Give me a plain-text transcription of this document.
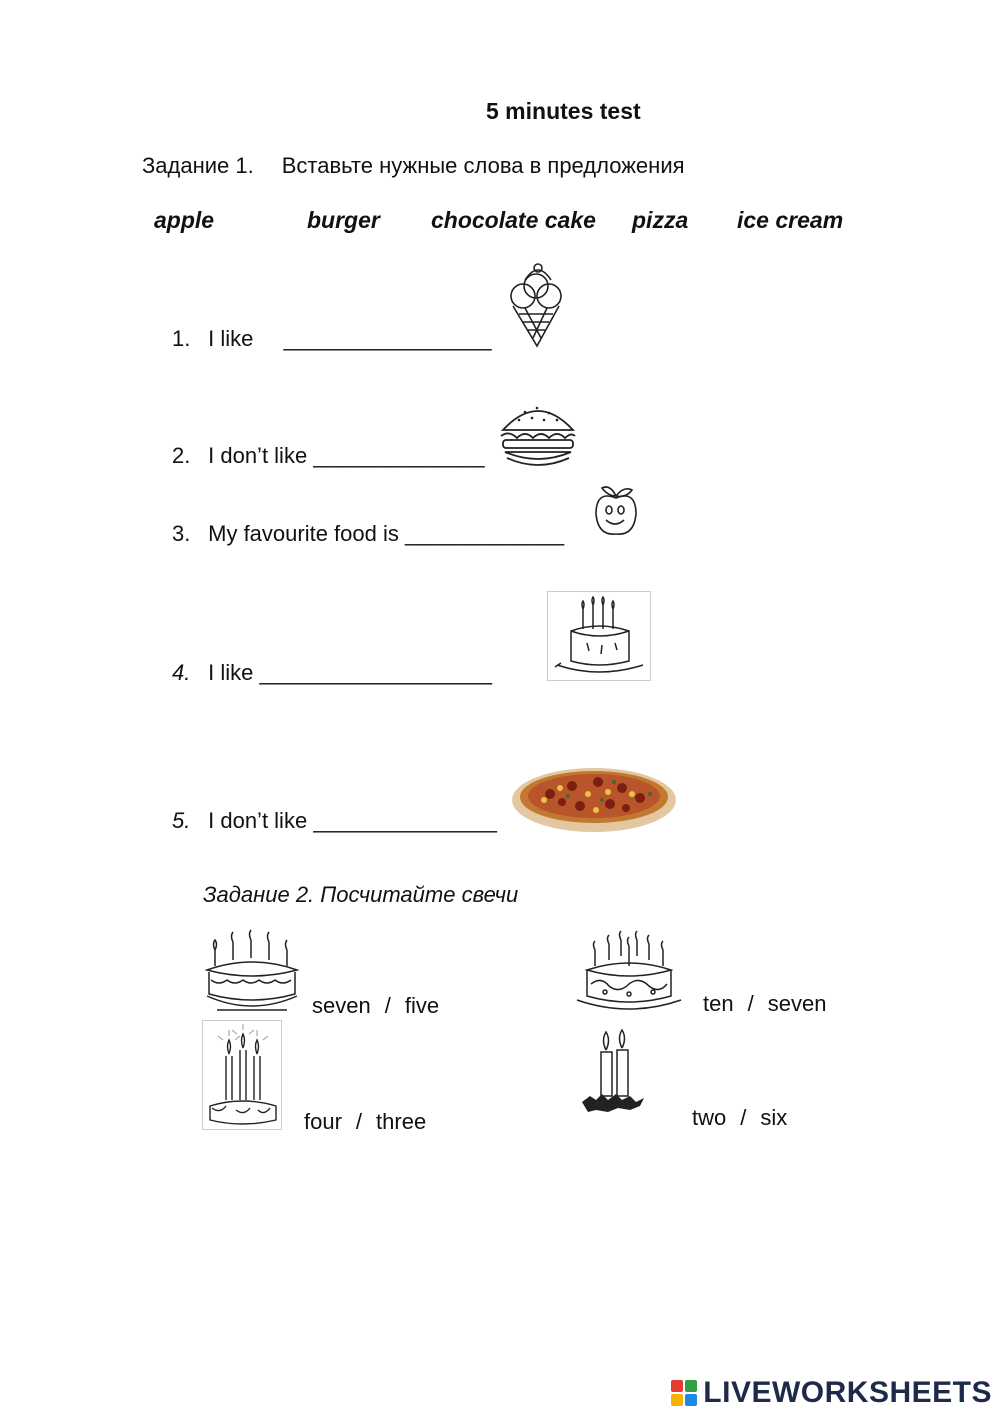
5 minutes test
Задание 1. Вставьте нужные слова в предложения
apple	burger chocolate cake pizza ice cream
1. I like _________________
2. I don’t like ______________
3. My favourite food is _____________
4. I like ___________________
5. I don’t like _______________
Задание 2. Посчитайте свечи
seven / five	ten / seven
four / three	two / six
LIVEWORKSHEETS
